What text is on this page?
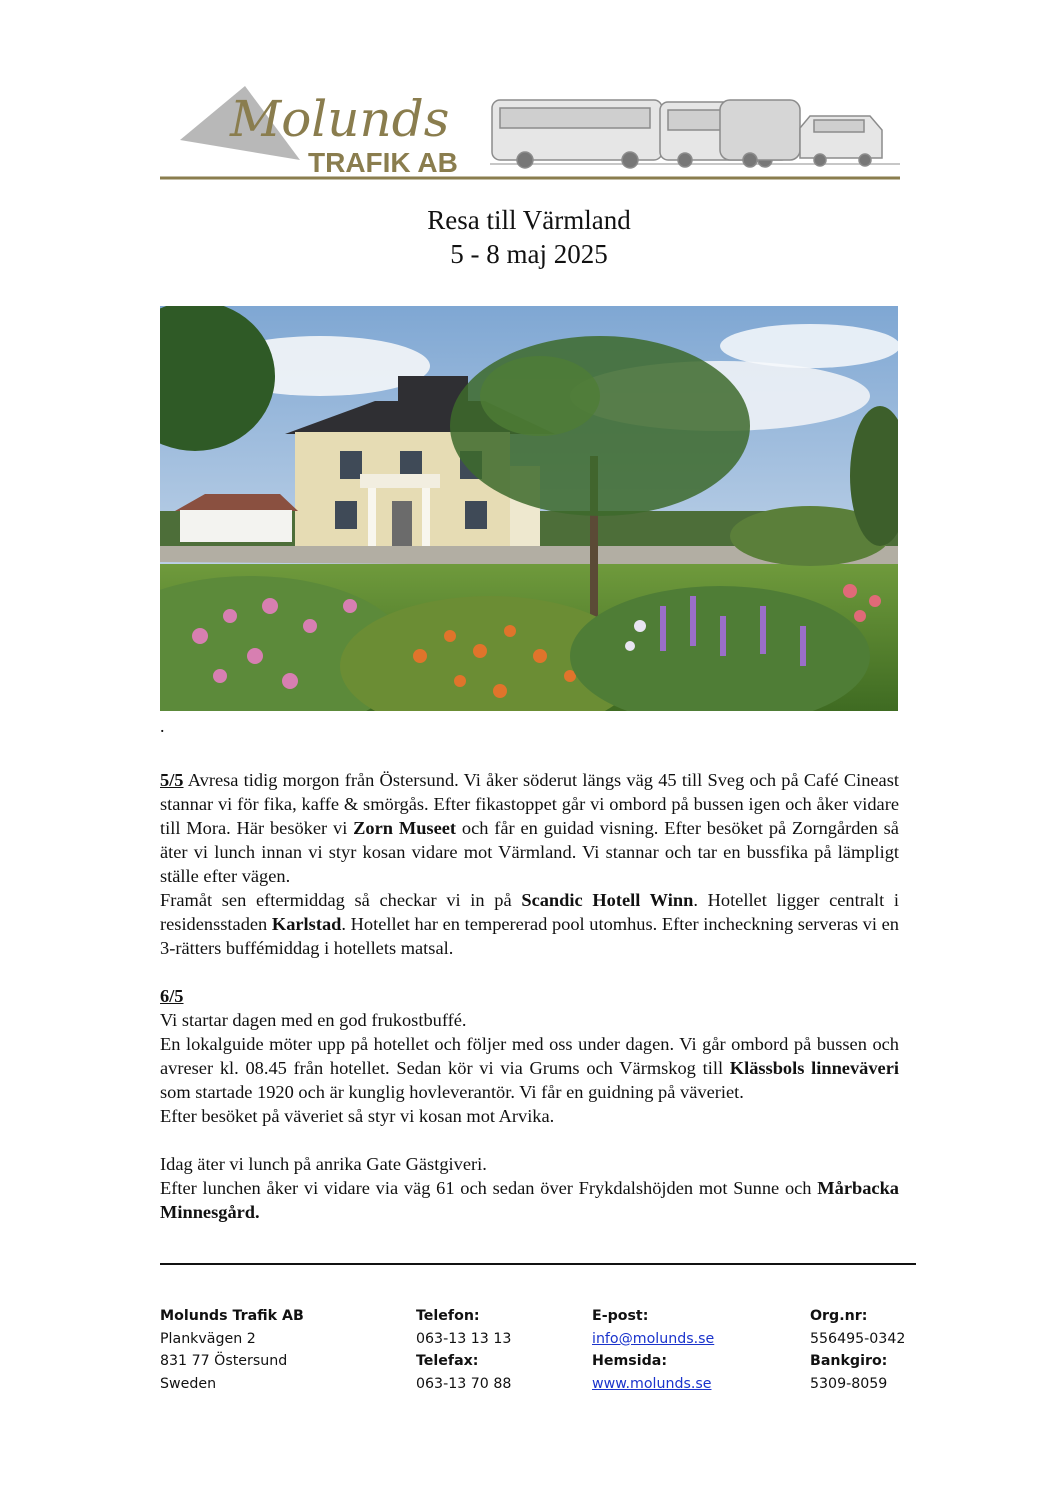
Molunds
TRAFIK AB
Resa till Värmland
5 - 8 maj 2025
.

5/5 Avresa tidig morgon från Östersund. Vi åker söderut längs väg 45 till Sveg och på Café Cineast stannar vi för fika, kaffe & smörgås. Efter fikastoppet går vi ombord på bussen igen och åker vidare till Mora. Här besöker vi Zorn Museet och får en guidad visning. Efter besöket på Zorngården så äter vi lunch innan vi styr kosan vidare mot Värmland. Vi stannar och tar en bussfika på lämpligt ställe efter vägen.

Framåt sen eftermiddag så checkar vi in på Scandic Hotell Winn. Hotellet ligger centralt i residensstaden Karlstad. Hotellet har en tempererad pool utomhus. Efter incheckning serveras vi en 3-rätters buffémiddag i hotellets matsal.

6/5

Vi startar dagen med en god frukostbuffé.

En lokalguide möter upp på hotellet och följer med oss under dagen. Vi går ombord på bussen och avreser kl. 08.45 från hotellet. Sedan kör vi via Grums och Värmskog till Klässbols linneväveri som startade 1920 och är kunglig hovleverantör. Vi får en guidning på väveriet.

Efter besöket på väveriet så styr vi kosan mot Arvika.

Idag äter vi lunch på anrika Gate Gästgiveri.

Efter lunchen åker vi vidare via väg 61 och sedan över Frykdalshöjden mot Sunne och Mårbacka Minnesgård.

Molunds Trafik AB
Plankvägen 2
831 77 Östersund
Sweden
Telefon:
063-13 13 13
Telefax:
063-13 70 88
E-post:
info@molunds.se
Hemsida:
www.molunds.se
Org.nr:
556495-0342
Bankgiro:
5309-8059
